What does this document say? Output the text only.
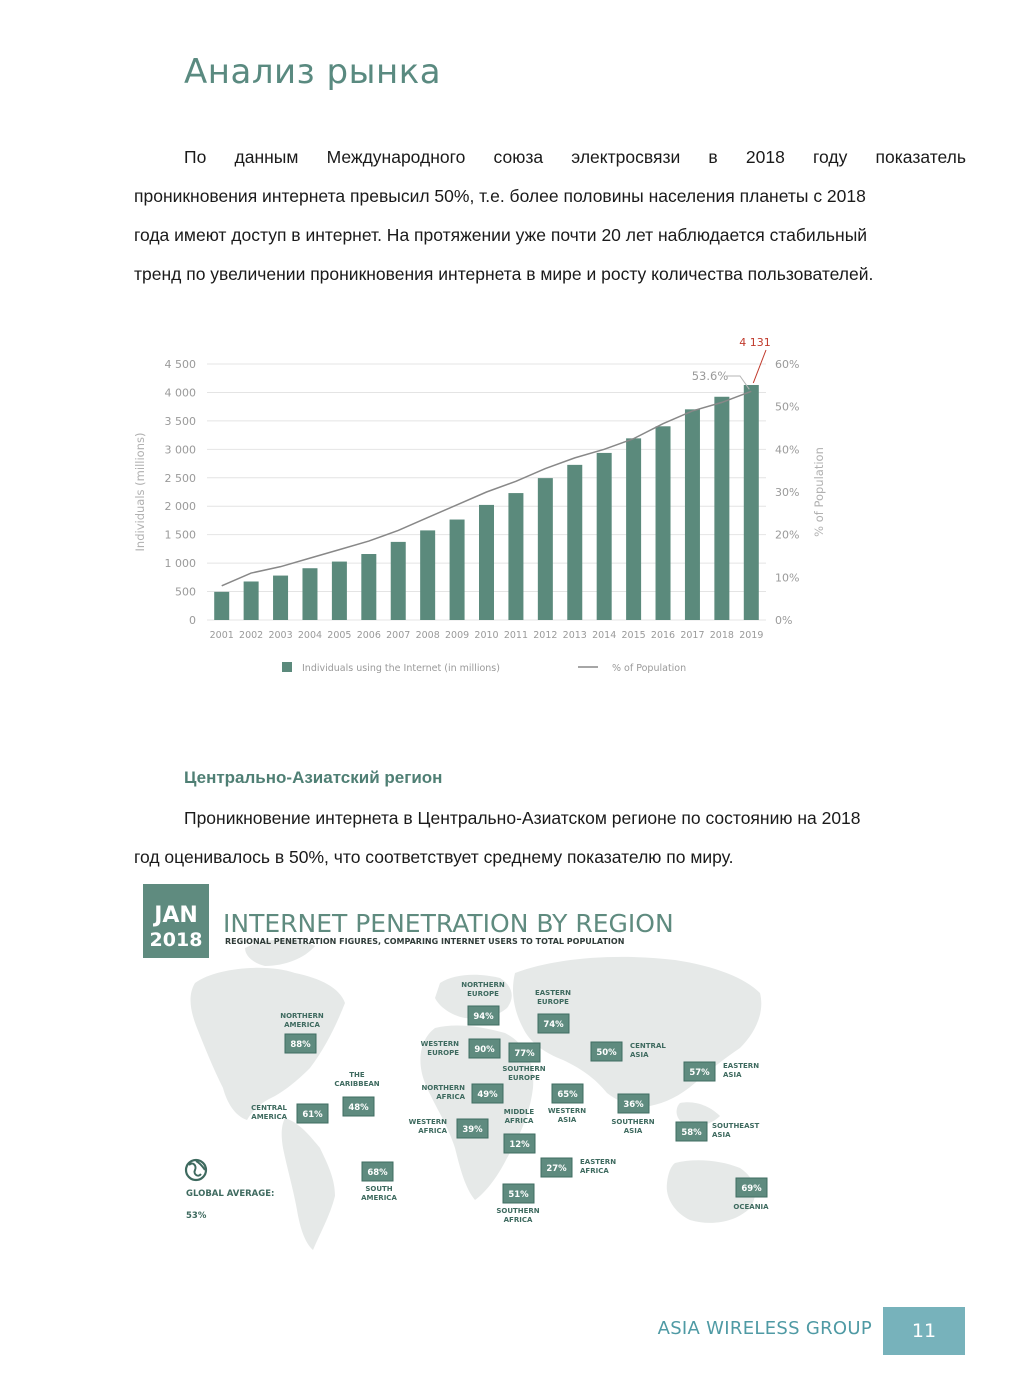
Анализ рынка
По данным Международного союза электросвязи в 2018 году показатель
проникновения интернета превысил 50%, т.е. более половины населения планеты с 2018
года имеют доступ в интернет. На протяжении уже почти 20 лет наблюдается стабильный
тренд по увеличении проникновения интернета в мире и росту количества пользователей.
0
500
1 000
1 500
2 000
2 500
3 000
3 500
4 000
4 500
0%
10%
20%
30%
40%
50%
60%
2001 2002 2003 2004 2005 2006 2007 2008 2009 2010 2011 2012 2013 2014 2015 2016 2017 2018 2019
Individuals (millions)	% of Population
4 131
53.6%
Individuals using the Internet (in millions)	% of Population
Центрально-Азиатский регион
Проникновение интернета в Центрально-Азиатском регионе по состоянию на 2018
год оценивалось в 50%, что соответствует среднему показателю по миру.
JAN
2018
INTERNET PENETRATION BY REGION
REGIONAL PENETRATION FIGURES, COMPARING INTERNET USERS TO TOTAL POPULATION
GLOBAL AVERAGE:
53%
88%
NORTHERN
AMERICA
61%
CENTRAL
AMERICA
48%
THE
CARIBBEAN
68%
SOUTH
AMERICA
94%
NORTHERN
EUROPE
90%
WESTERN
EUROPE
74%
EASTERN
EUROPE
77%
SOUTHERN
EUROPE
49%
NORTHERN
AFRICA
39%
WESTERN
AFRICA
12%
MIDDLE
AFRICA
27%
EASTERN
AFRICA
51%
SOUTHERN
AFRICA
65%
WESTERN
ASIA
50%
CENTRAL
ASIA
36%
SOUTHERN
ASIA
57%
EASTERN
ASIA
58%
SOUTHEAST
ASIA
69%
OCEANIA
ASIA WIRELESS GROUP	11
